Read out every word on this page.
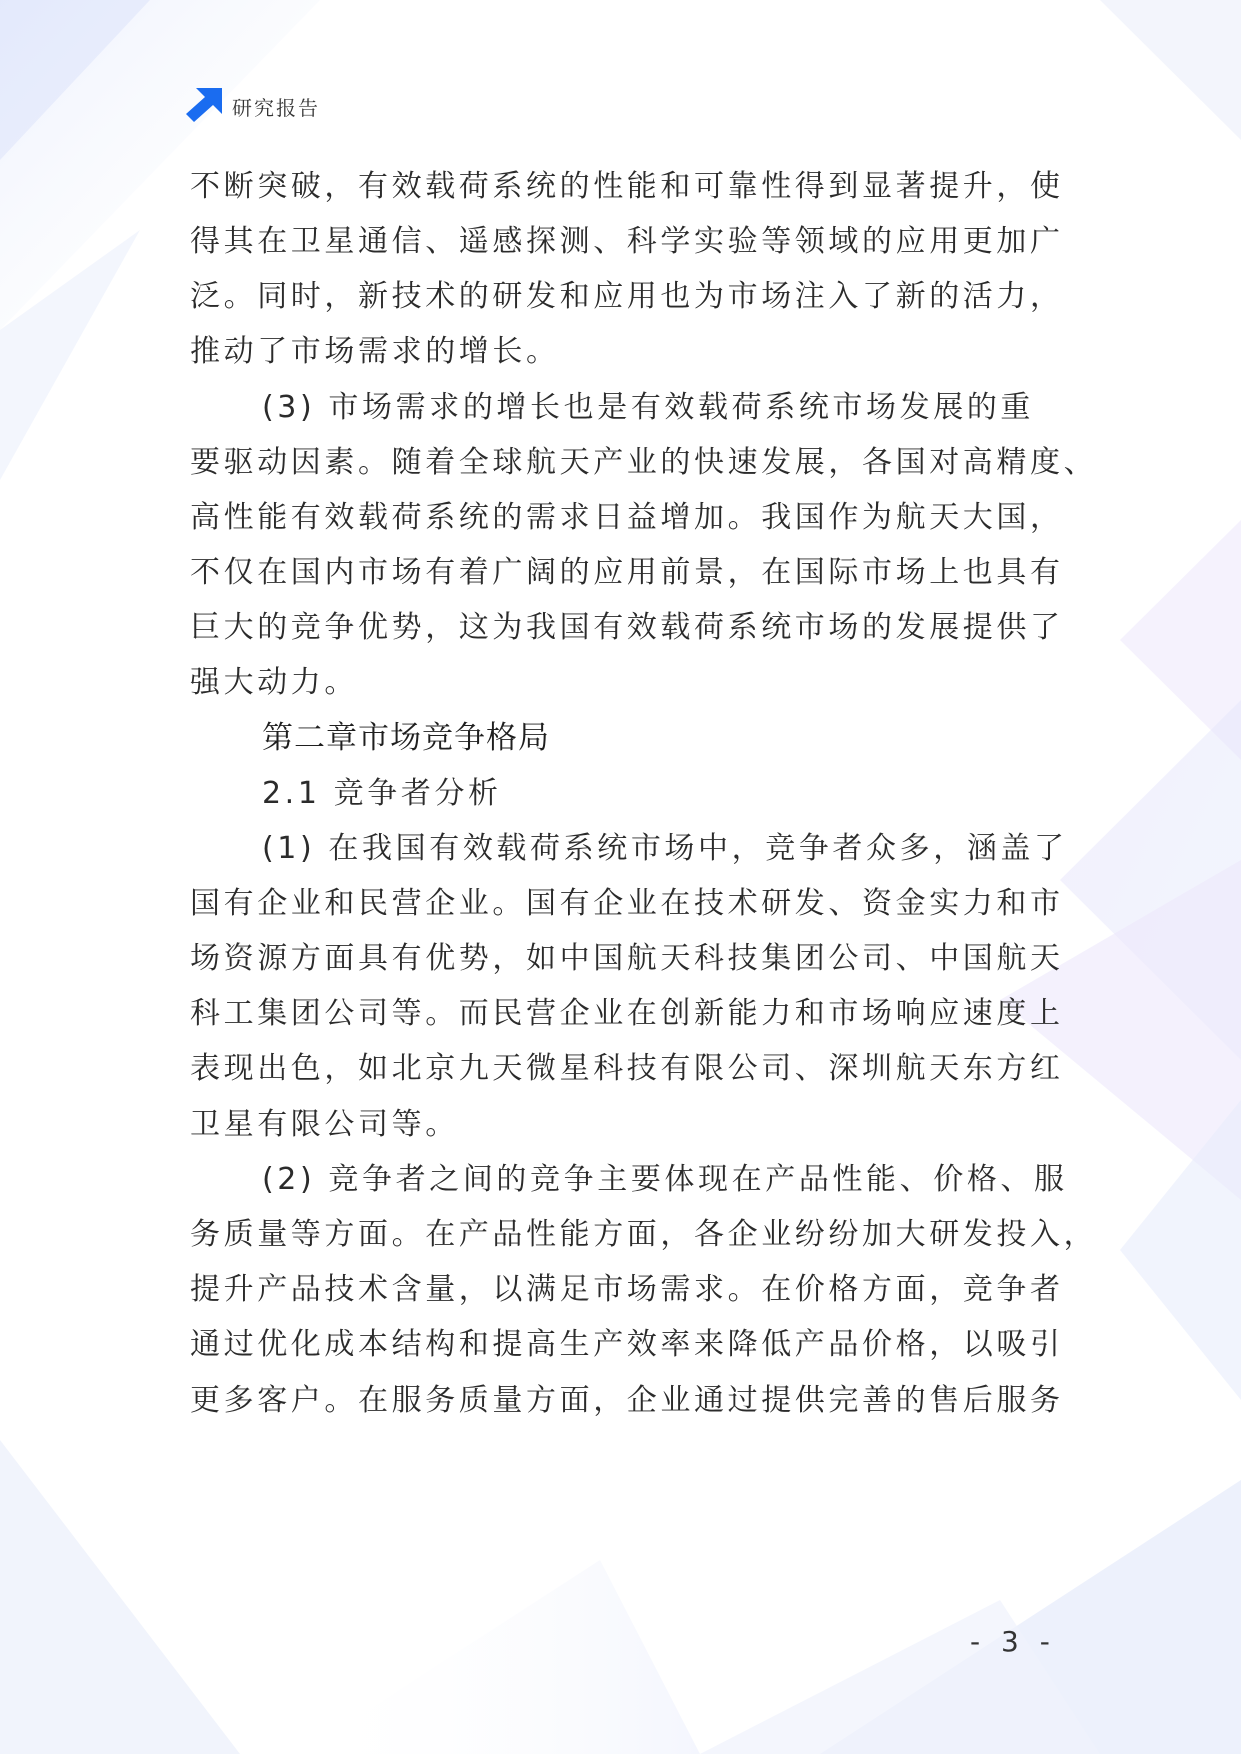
研究报告
不断突破，有效载荷系统的性能和可靠性得到显著提升，使
得其在卫星通信、遥感探测、科学实验等领域的应用更加广
泛。同时，新技术的研发和应用也为市场注入了新的活力，
推动了市场需求的增长。
(3) 市场需求的增长也是有效载荷系统市场发展的重
要驱动因素。随着全球航天产业的快速发展，各国对高精度、
高性能有效载荷系统的需求日益增加。我国作为航天大国，
不仅在国内市场有着广阔的应用前景，在国际市场上也具有
巨大的竞争优势，这为我国有效载荷系统市场的发展提供了
强大动力。
第二章市场竞争格局
2.1 竞争者分析
(1) 在我国有效载荷系统市场中，竞争者众多，涵盖了
国有企业和民营企业。国有企业在技术研发、资金实力和市
场资源方面具有优势，如中国航天科技集团公司、中国航天
科工集团公司等。而民营企业在创新能力和市场响应速度上
表现出色，如北京九天微星科技有限公司、深圳航天东方红
卫星有限公司等。
(2) 竞争者之间的竞争主要体现在产品性能、价格、服
务质量等方面。在产品性能方面，各企业纷纷加大研发投入，
提升产品技术含量，以满足市场需求。在价格方面，竞争者
通过优化成本结构和提高生产效率来降低产品价格，以吸引
更多客户。在服务质量方面，企业通过提供完善的售后服务
- 3 -
